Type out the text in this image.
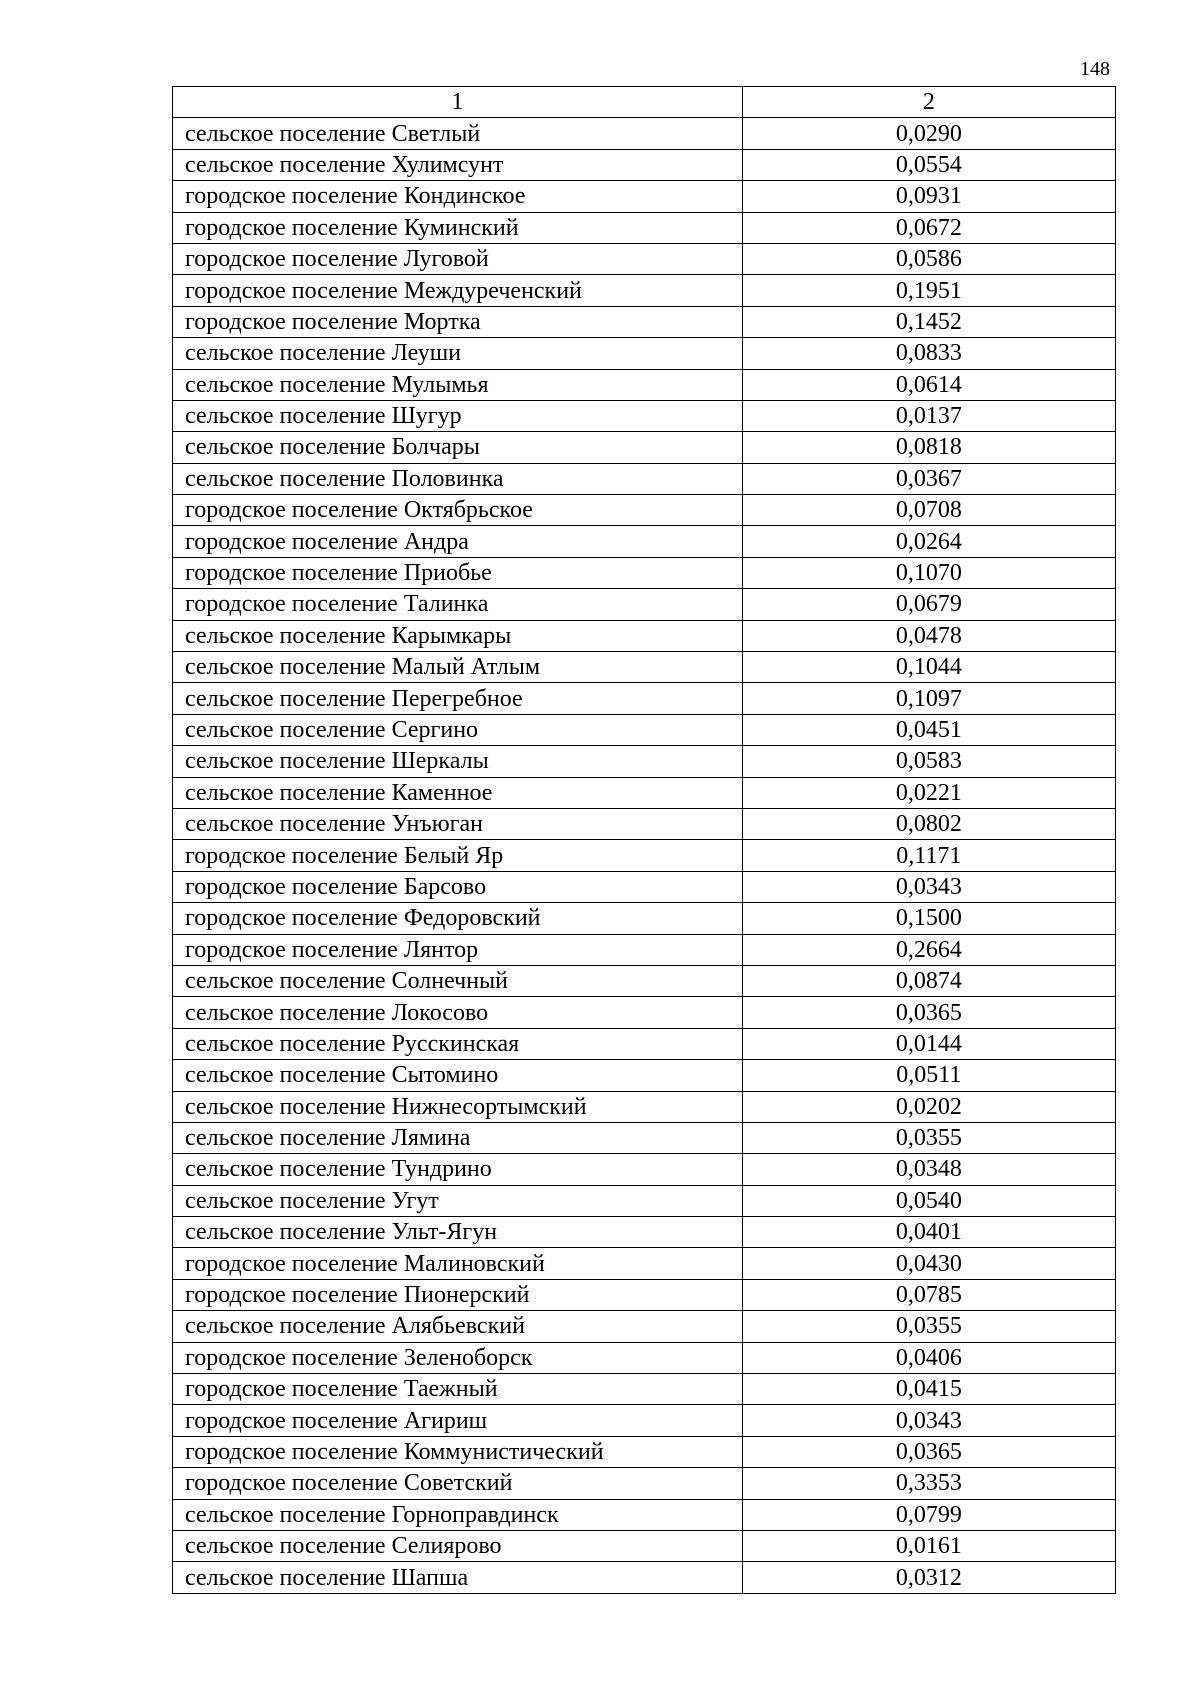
148
1	2
сельское поселение Светлый	0,0290
сельское поселение Хулимсунт	0,0554
городское поселение Кондинское	0,0931
городское поселение Куминский	0,0672
городское поселение Луговой	0,0586
городское поселение Междуреченский	0,1951
городское поселение Мортка	0,1452
сельское поселение Леуши	0,0833
сельское поселение Мулымья	0,0614
сельское поселение Шугур	0,0137
сельское поселение Болчары	0,0818
сельское поселение Половинка	0,0367
городское поселение Октябрьское	0,0708
городское поселение Андра	0,0264
городское поселение Приобье	0,1070
городское поселение Талинка	0,0679
сельское поселение Карымкары	0,0478
сельское поселение Малый Атлым	0,1044
сельское поселение Перегребное	0,1097
сельское поселение Сергино	0,0451
сельское поселение Шеркалы	0,0583
сельское поселение Каменное	0,0221
сельское поселение Унъюган	0,0802
городское поселение Белый Яр	0,1171
городское поселение Барсово	0,0343
городское поселение Федоровский	0,1500
городское поселение Лянтор	0,2664
сельское поселение Солнечный	0,0874
сельское поселение Локосово	0,0365
сельское поселение Русскинская	0,0144
сельское поселение Сытомино	0,0511
сельское поселение Нижнесортымский	0,0202
сельское поселение Лямина	0,0355
сельское поселение Тундрино	0,0348
сельское поселение Угут	0,0540
сельское поселение Ульт-Ягун	0,0401
городское поселение Малиновский	0,0430
городское поселение Пионерский	0,0785
сельское поселение Алябьевский	0,0355
городское поселение Зеленоборск	0,0406
городское поселение Таежный	0,0415
городское поселение Агириш	0,0343
городское поселение Коммунистический	0,0365
городское поселение Советский	0,3353
сельское поселение Горноправдинск	0,0799
сельское поселение Селиярово	0,0161
сельское поселение Шапша	0,0312
